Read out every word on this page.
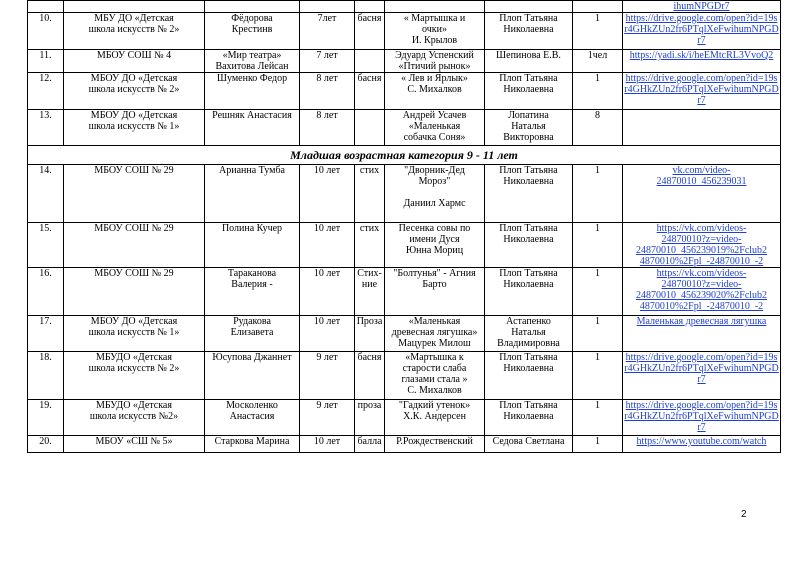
								ihumNPGDr7
10.	МБУ ДО «Детская
школа искусств № 2»	Фёдорова
Крестинв	7лет	басня	« Мартышка и
очки»
И. Крылов	Плоп Татьяна
Николаевна	1	https://drive.google.com/open?id=19sr4GHkZUn2fr6PTqlXeFwihumNPGDr7
11.	МБОУ СОШ № 4	«Мир театра»
Вахитова Лейсан	7 лет		Эдуард Успенский
«Птичий рынок»	Шепинова Е.В.	1чел	https://yadi.sk/i/heEMtcRL3VvoQ2
12.	МБОУ ДО «Детская
школа искусств № 2»	Шуменко Федор	8 лет	басня	« Лев и Ярлык»
С. Михалков	Плоп Татьяна
Николаевна	1	https://drive.google.com/open?id=19sr4GHkZUn2fr6PTqlXeFwihumNPGDr7
13.	МБОУ ДО «Детская
школа искусств № 1»	Решняк Анастасия	8 лет		Андрей Усачев
«Маленькая
собачка Соня»	Лопатина
Наталья
Викторовна	8	
Младшая возрастная категория 9 - 11 лет								
14.	МБОУ СОШ № 29	Арианна Тумба	10 лет	стих	"Дворник-Дед
Мороз"

Даниил Хармс	Плоп Татьяна
Николаевна	1	vk.com/video-
24870010_456239031
15.	МБОУ СОШ № 29	Полина Кучер	10 лет	стих	Песенка совы по
имени Дуся
Юнна Мориц	Плоп Татьяна
Николаевна	1	https://vk.com/videos-
24870010?z=video-
24870010_456239019%2Fclub2
4870010%2Fpl_-24870010_-2
16.	МБОУ СОШ № 29	Тараканова
Валерия -	10 лет	Стих-
ние	"Болтунья" - Агния
Барто	Плоп Татьяна
Николаевна	1	https://vk.com/videos-
24870010?z=video-
24870010_456239020%2Fclub2
4870010%2Fpl_-24870010_-2
17.	МБОУ ДО «Детская
школа искусств № 1»	Рудакова
Елизавета	10 лет	Проза	«Маленькая
древесная лягушка»
Мацурек Милош	Астапенко
Наталья
Владимировна	1	Маленькая древесная лягушка
18.	МБУДО «Детская
школа искусств № 2»	Юсупова Джаннет	9 лет	басня	«Мартышка к
старости слаба
глазами стала »
С. Михалков	Плоп Татьяна
Николаевна	1	https://drive.google.com/open?id=19sr4GHkZUn2fr6PTqlXeFwihumNPGDr7
19.	МБУДО «Детская
школа искусств №2»	Москоленко
Анастасия	9 лет	проза	"Гадкий утенок»
Х.К. Андерсен	Плоп Татьяна
Николаевна	1	https://drive.google.com/open?id=19sr4GHkZUn2fr6PTqlXeFwihumNPGDr7
20.	МБОУ «СШ № 5»	Старкова Марина	10 лет	балла	Р.Рождественский	Седова Светлана	1	https://www.youtube.com/watch
2
